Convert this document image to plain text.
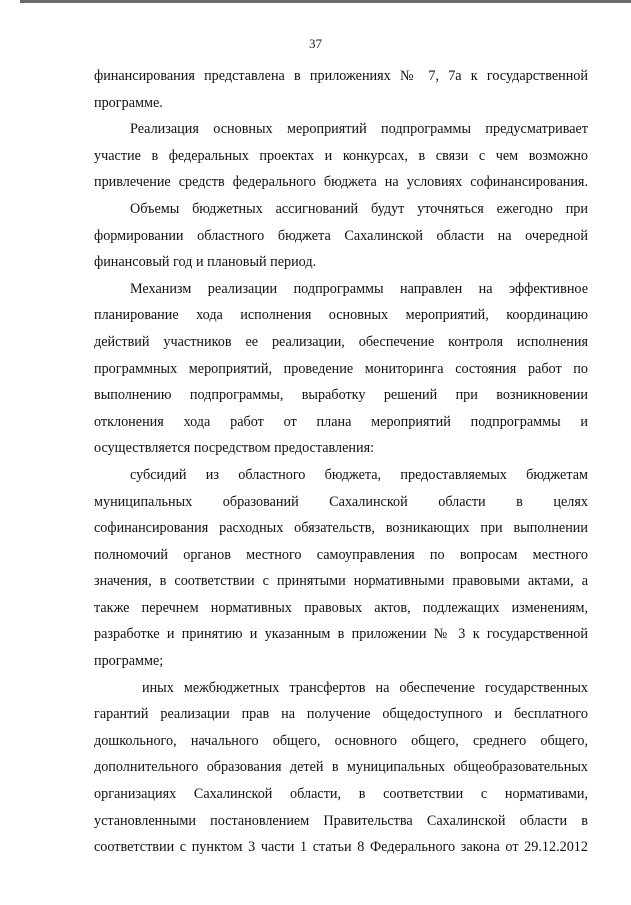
37
финансирования представлена в приложениях № 7, 7а к государственной
программе.
Реализация основных мероприятий подпрограммы предусматривает
участие в федеральных проектах и конкурсах, в связи с чем возможно
привлечение средств федерального бюджета на условиях софинансирования.
Объемы бюджетных ассигнований будут уточняться ежегодно при
формировании областного бюджета Сахалинской области на очередной
финансовый год и плановый период.
Механизм реализации подпрограммы направлен на эффективное
планирование хода исполнения основных мероприятий, координацию
действий участников ее реализации, обеспечение контроля исполнения
программных мероприятий, проведение мониторинга состояния работ по
выполнению подпрограммы, выработку решений при возникновении
отклонения хода работ от плана мероприятий подпрограммы и
осуществляется посредством предоставления:
субсидий из областного бюджета, предоставляемых бюджетам
муниципальных образований Сахалинской области в целях
софинансирования расходных обязательств, возникающих при выполнении
полномочий органов местного самоуправления по вопросам местного
значения, в соответствии с принятыми нормативными правовыми актами, а
также перечнем нормативных правовых актов, подлежащих изменениям,
разработке и принятию и указанным в приложении № 3 к государственной
программе;
иных межбюджетных трансфертов на обеспечение государственных
гарантий реализации прав на получение общедоступного и бесплатного
дошкольного, начального общего, основного общего, среднего общего,
дополнительного образования детей в муниципальных общеобразовательных
организациях Сахалинской области, в соответствии с нормативами,
установленными постановлением Правительства Сахалинской области в
соответствии с пунктом 3 части 1 статьи 8 Федерального закона от 29.12.2012
